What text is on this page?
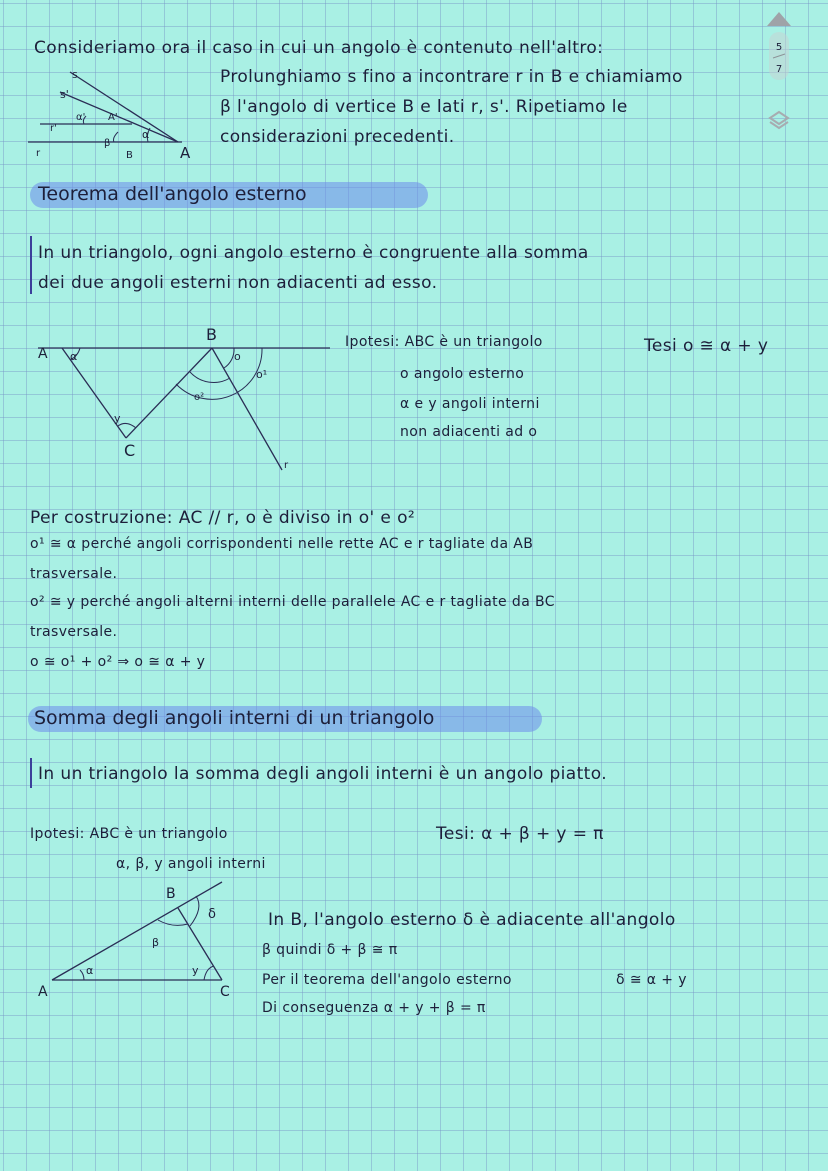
5
7
Consideriamo ora il caso in cui un angolo è contenuto nell'altro:
Prolunghiamo s fino a incontrare r in B e chiamiamo
β l'angolo di vertice B e lati r, s'. Ripetiamo le
considerazioni precedenti.
s
s'
r'
r
α' A'
α
β
B	A
Teorema dell'angolo esterno
In un triangolo, ogni angolo esterno è congruente alla somma
dei due angoli esterni non adiacenti ad esso.
A
B
C
α
y
o
o¹
o²
r
Ipotesi: ABC è un triangolo
o angolo esterno
α e y angoli interni
non adiacenti ad o
Tesi o ≅ α + y
Per costruzione: AC // r, o è diviso in o' e o²
o¹ ≅ α perché angoli corrispondenti nelle rette AC e r tagliate da AB
trasversale.
o² ≅ y perché angoli alterni interni delle parallele AC e r tagliate da BC
trasversale.
o ≅ o¹ + o² ⇒ o ≅ α + y
Somma degli angoli interni di un triangolo
In un triangolo la somma degli angoli interni è un angolo piatto.
Ipotesi: ABC è un triangolo
α, β, y angoli interni
Tesi: α + β + y = π
A
B
C
α
β
y
δ	In B, l'angolo esterno δ è adiacente all'angolo
β quindi δ + β ≅ π
Per il teorema dell'angolo esterno	δ ≅ α + y
Di conseguenza α + y + β = π
